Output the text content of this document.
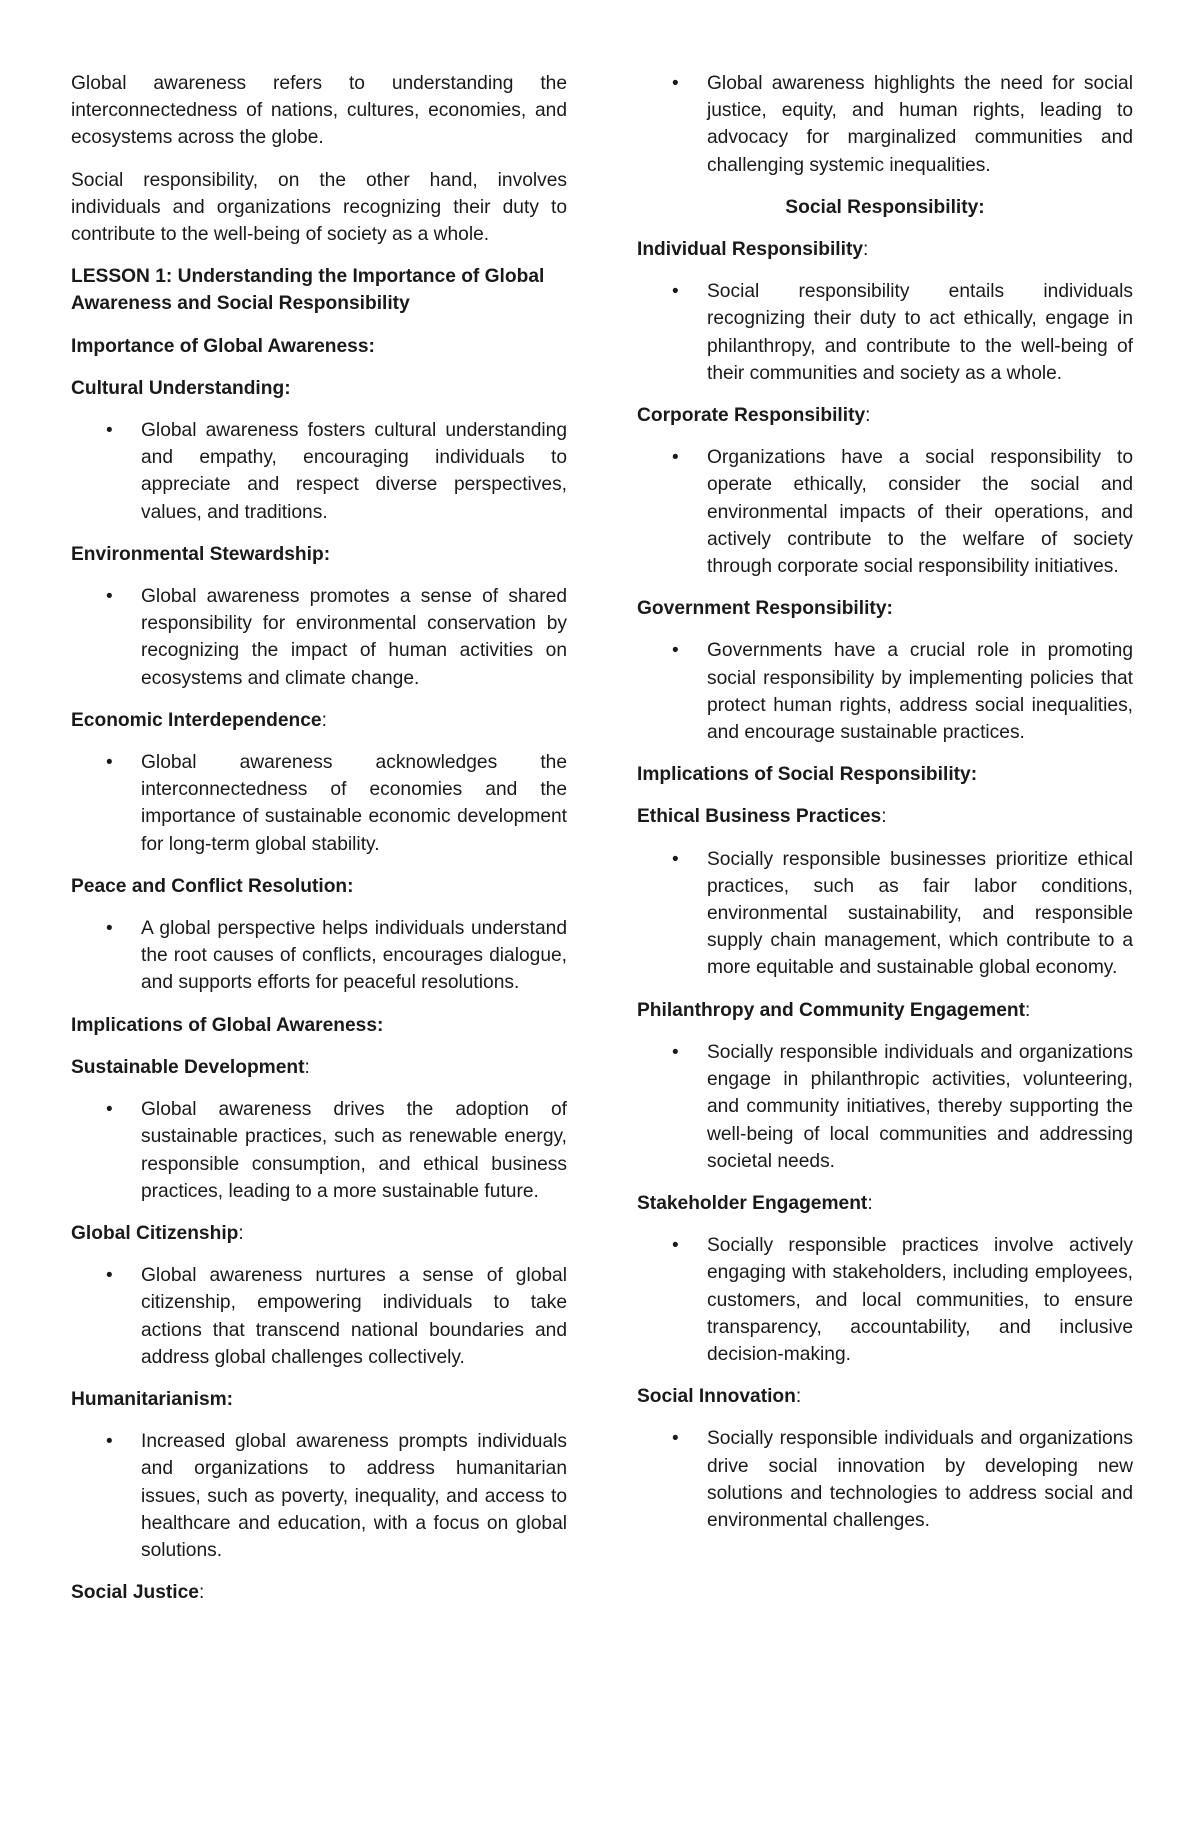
Global awareness refers to understanding the interconnectedness of nations, cultures, economies, and ecosystems across the globe.

Social responsibility, on the other hand, involves individuals and organizations recognizing their duty to contribute to the well-being of society as a whole.

LESSON 1: Understanding the Importance of Global Awareness and Social Responsibility

Importance of Global Awareness:

Cultural Understanding:

• Global awareness fosters cultural understanding and empathy, encouraging individuals to appreciate and respect diverse perspectives, values, and traditions.

Environmental Stewardship:

• Global awareness promotes a sense of shared responsibility for environmental conservation by recognizing the impact of human activities on ecosystems and climate change.

Economic Interdependence:

• Global awareness acknowledges the interconnectedness of economies and the importance of sustainable economic development for long-term global stability.

Peace and Conflict Resolution:

• A global perspective helps individuals understand the root causes of conflicts, encourages dialogue, and supports efforts for peaceful resolutions.

Implications of Global Awareness:

Sustainable Development:

• Global awareness drives the adoption of sustainable practices, such as renewable energy, responsible consumption, and ethical business practices, leading to a more sustainable future.

Global Citizenship:

• Global awareness nurtures a sense of global citizenship, empowering individuals to take actions that transcend national boundaries and address global challenges collectively.

Humanitarianism:

• Increased global awareness prompts individuals and organizations to address humanitarian issues, such as poverty, inequality, and access to healthcare and education, with a focus on global solutions.

Social Justice:

• Global awareness highlights the need for social justice, equity, and human rights, leading to advocacy for marginalized communities and challenging systemic inequalities.

Social Responsibility:

Individual Responsibility:

• Social responsibility entails individuals recognizing their duty to act ethically, engage in philanthropy, and contribute to the well-being of their communities and society as a whole.

Corporate Responsibility:

• Organizations have a social responsibility to operate ethically, consider the social and environmental impacts of their operations, and actively contribute to the welfare of society through corporate social responsibility initiatives.

Government Responsibility:

• Governments have a crucial role in promoting social responsibility by implementing policies that protect human rights, address social inequalities, and encourage sustainable practices.

Implications of Social Responsibility:

Ethical Business Practices:

• Socially responsible businesses prioritize ethical practices, such as fair labor conditions, environmental sustainability, and responsible supply chain management, which contribute to a more equitable and sustainable global economy.

Philanthropy and Community Engagement:

• Socially responsible individuals and organizations engage in philanthropic activities, volunteering, and community initiatives, thereby supporting the well-being of local communities and addressing societal needs.

Stakeholder Engagement:

• Socially responsible practices involve actively engaging with stakeholders, including employees, customers, and local communities, to ensure transparency, accountability, and inclusive decision-making.

Social Innovation:

• Socially responsible individuals and organizations drive social innovation by developing new solutions and technologies to address social and environmental challenges.
